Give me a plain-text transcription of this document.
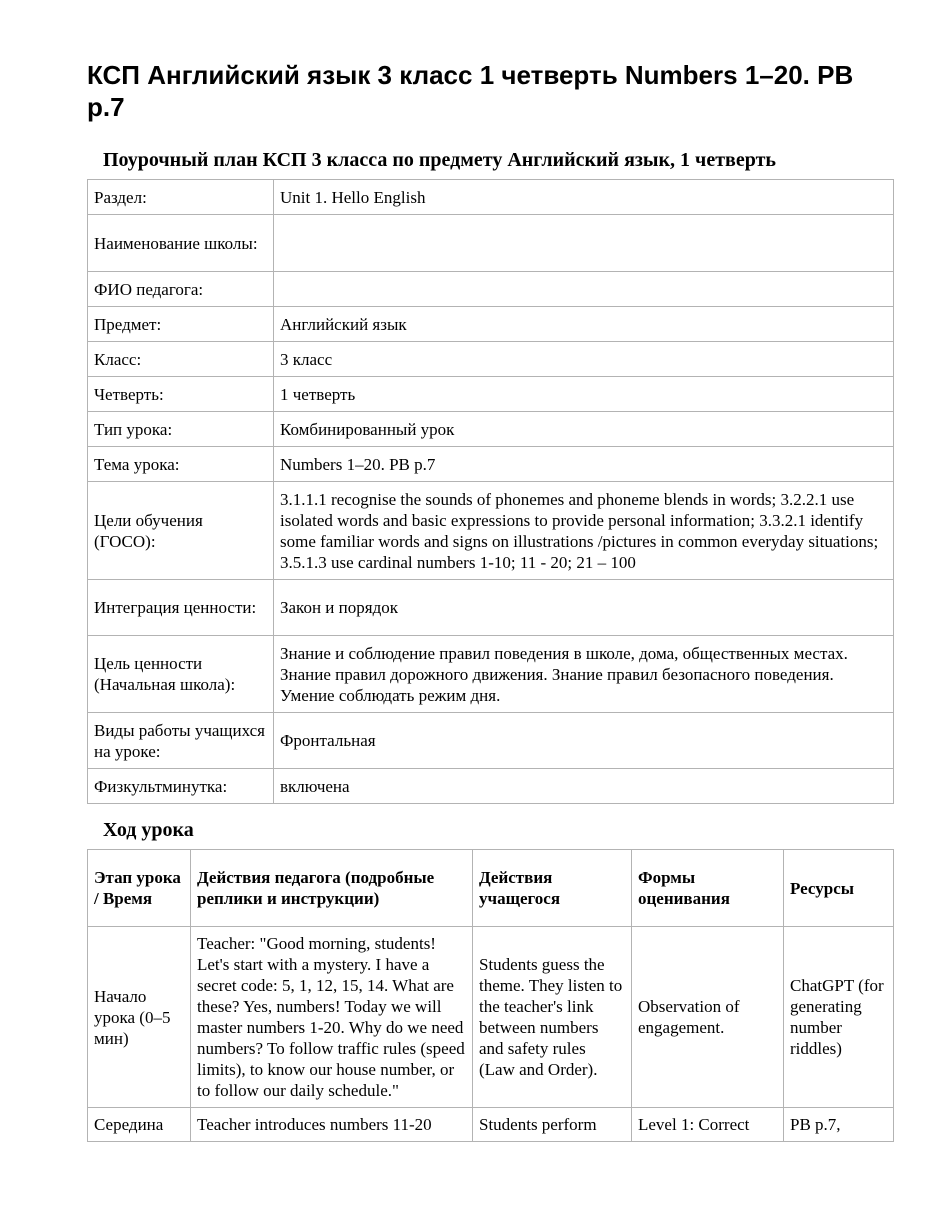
КСП Английский язык 3 класс 1 четверть Numbers 1–20. PB p.7
Поурочный план КСП 3 класса по предмету Английский язык, 1 четверть
Раздел:	Unit 1. Hello English
Наименование школы:	
ФИО педагога:	
Предмет:	Английский язык
Класс:	3 класс
Четверть:	1 четверть
Тип урока:	Комбинированный урок
Тема урока:	Numbers 1–20. PB p.7
Цели обучения (ГОСО):	3.1.1.1 recognise the sounds of phonemes and phoneme blends in words; 3.2.2.1 use isolated words and basic expressions to provide personal information; 3.3.2.1 identify some familiar words and signs on illustrations /pictures in common everyday situations; 3.5.1.3 use cardinal numbers 1-10; 11 - 20; 21 – 100
Интеграция ценности:	Закон и порядок
Цель ценности (Начальная школа):	Знание и соблюдение правил поведения в школе, дома, общественных местах. Знание правил дорожного движения. Знание правил безопасного поведения. Умение соблюдать режим дня.
Виды работы учащихся на уроке:	Фронтальная
Физкультминутка:	включена
Ход урока
Этап урока / Время	Действия педагога (подробные реплики и инструкции)	Действия учащегося	Формы оценивания	Ресурсы
Начало урока (0–5 мин)	Teacher: "Good morning, students! Let's start with a mystery. I have a secret code: 5, 1, 12, 15, 14. What are these? Yes, numbers! Today we will master numbers 1-20. Why do we need numbers? To follow traffic rules (speed limits), to know our house number, or to follow our daily schedule."	Students guess the theme. They listen to the teacher's link between numbers and safety rules (Law and Order).	Observation of engagement.	ChatGPT (for generating number riddles)
Середина	Teacher introduces numbers 11-20	Students perform	Level 1: Correct	PB p.7,
